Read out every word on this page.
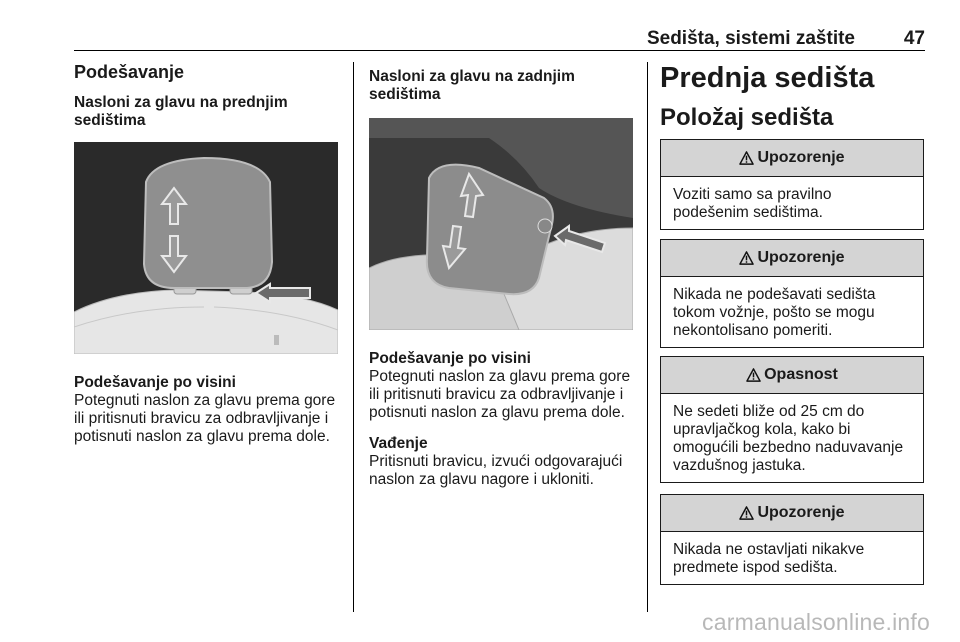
Sedišta, sistemi zaštite	47
Podešavanje
Nasloni za glavu na prednjim sedištima
Podešavanje po visini

Potegnuti naslon za glavu prema gore ili pritisnuti bravicu za odbravljivanje i potisnuti naslon za glavu prema dole.

Nasloni za glavu na zadnjim sedištima
Podešavanje po visini

Potegnuti naslon za glavu prema gore ili pritisnuti bravicu za odbravljivanje i potisnuti naslon za glavu prema dole.

Vađenje

Pritisnuti bravicu, izvući odgovarajući naslon za glavu nagore i ukloniti.

Prednja sedišta
Položaj sedišta
Upozorenje
Voziti samo sa pravilno podešenim sedištima.
Upozorenje
Nikada ne podešavati sedišta tokom vožnje, pošto se mogu nekontolisano pomeriti.
Opasnost
Ne sedeti bliže od 25 cm do upravljačkog kola, kako bi omogućili bezbedno naduvavanje vazdušnog jastuka.
Upozorenje
Nikada ne ostavljati nikakve predmete ispod sedišta.
carmanualsonline.info
